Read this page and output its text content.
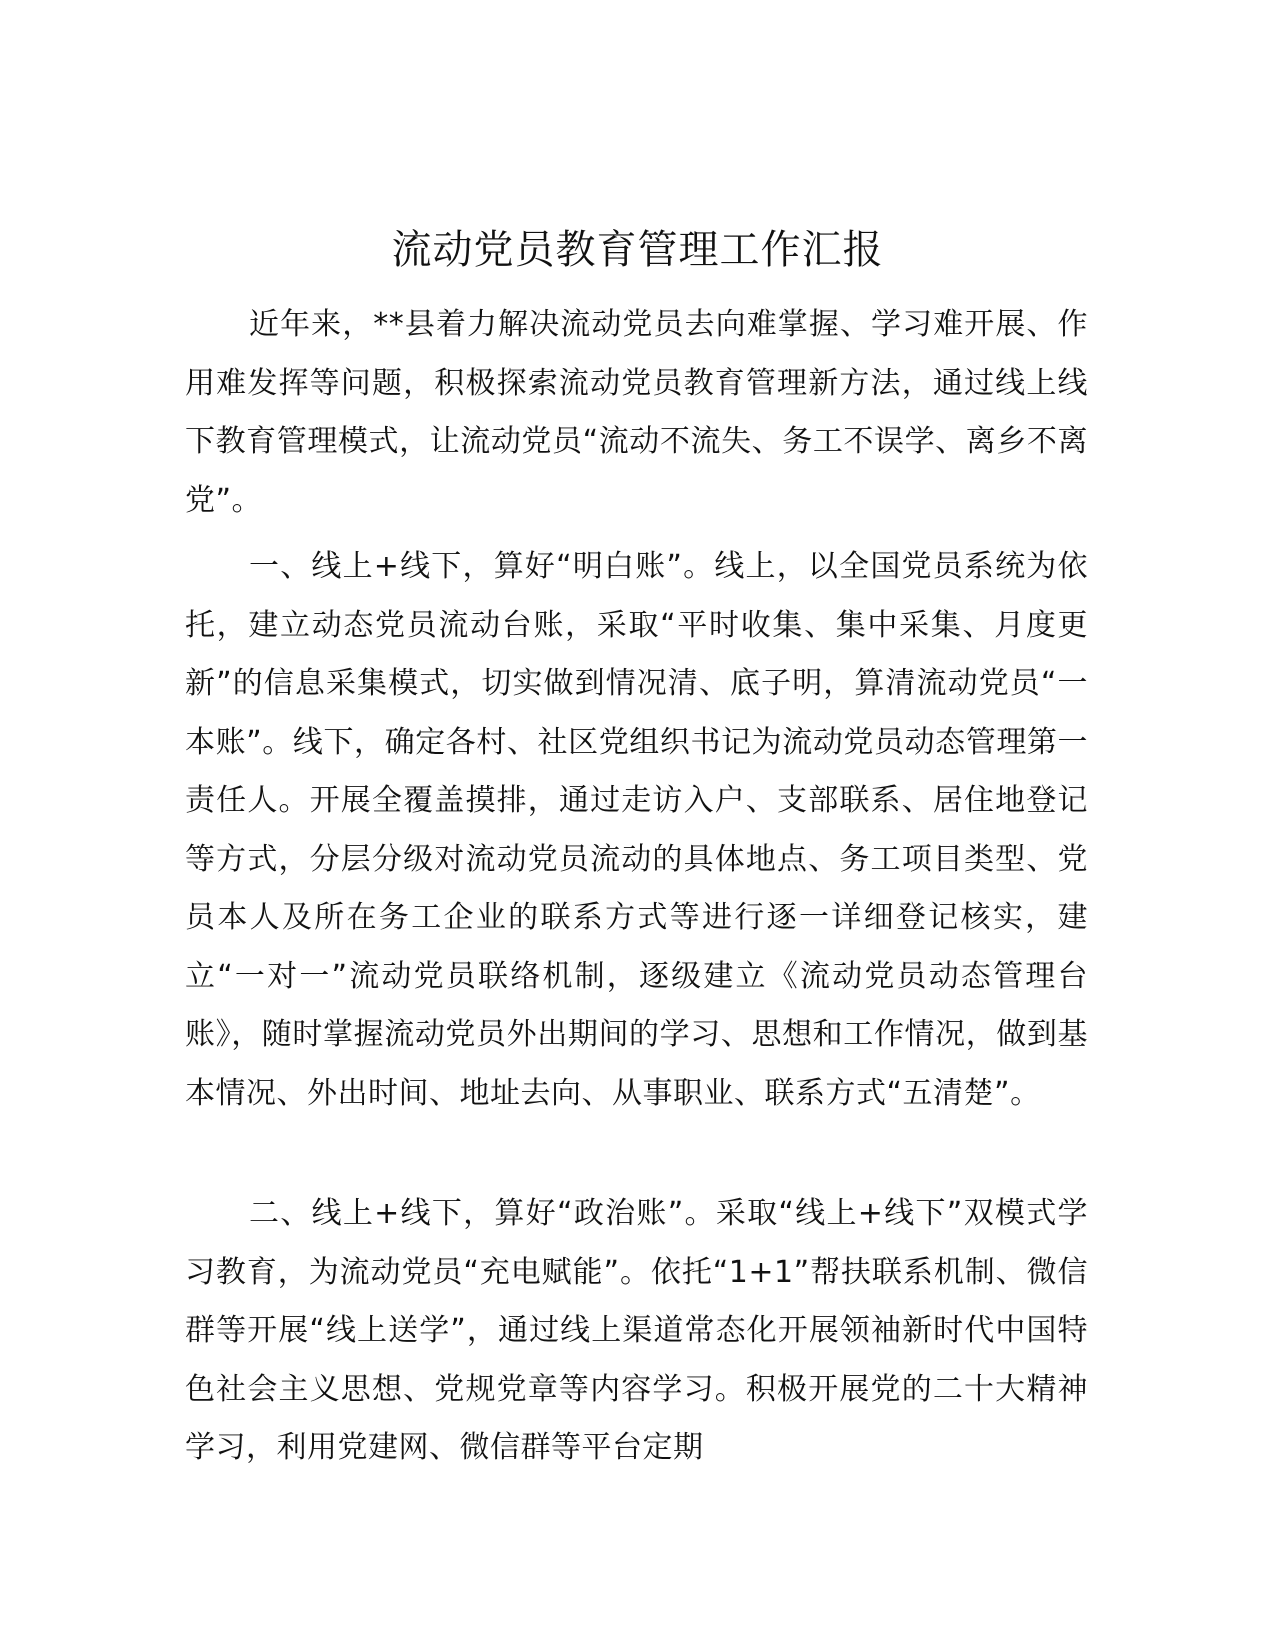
流动党员教育管理工作汇报

近年来，**县着力解决流动党员去向难掌握、学习难开展、作用难发挥等问题，积极探索流动党员教育管理新方法，通过线上线下教育管理模式，让流动党员“流动不流失、务工不误学、离乡不离党”。

一、线上+线下，算好“明白账”。线上，以全国党员系统为依托，建立动态党员流动台账，采取“平时收集、集中采集、月度更新”的信息采集模式，切实做到情况清、底子明，算清流动党员“一本账”。线下，确定各村、社区党组织书记为流动党员动态管理第一责任人。开展全覆盖摸排，通过走访入户、支部联系、居住地登记等方式，分层分级对流动党员流动的具体地点、务工项目类型、党员本人及所在务工企业的联系方式等进行逐一详细登记核实，建立“一对一”流动党员联络机制，逐级建立《流动党员动态管理台账》，随时掌握流动党员外出期间的学习、思想和工作情况，做到基本情况、外出时间、地址去向、从事职业、联系方式“五清楚”。

二、线上+线下，算好“政治账”。采取“线上+线下”双模式学习教育，为流动党员“充电赋能”。依托“1+1”帮扶联系机制、微信群等开展“线上送学”，通过线上渠道常态化开展领袖新时代中国特色社会主义思想、党规党章等内容学习。积极开展党的二十大精神学习，利用党建网、微信群等平台定期
